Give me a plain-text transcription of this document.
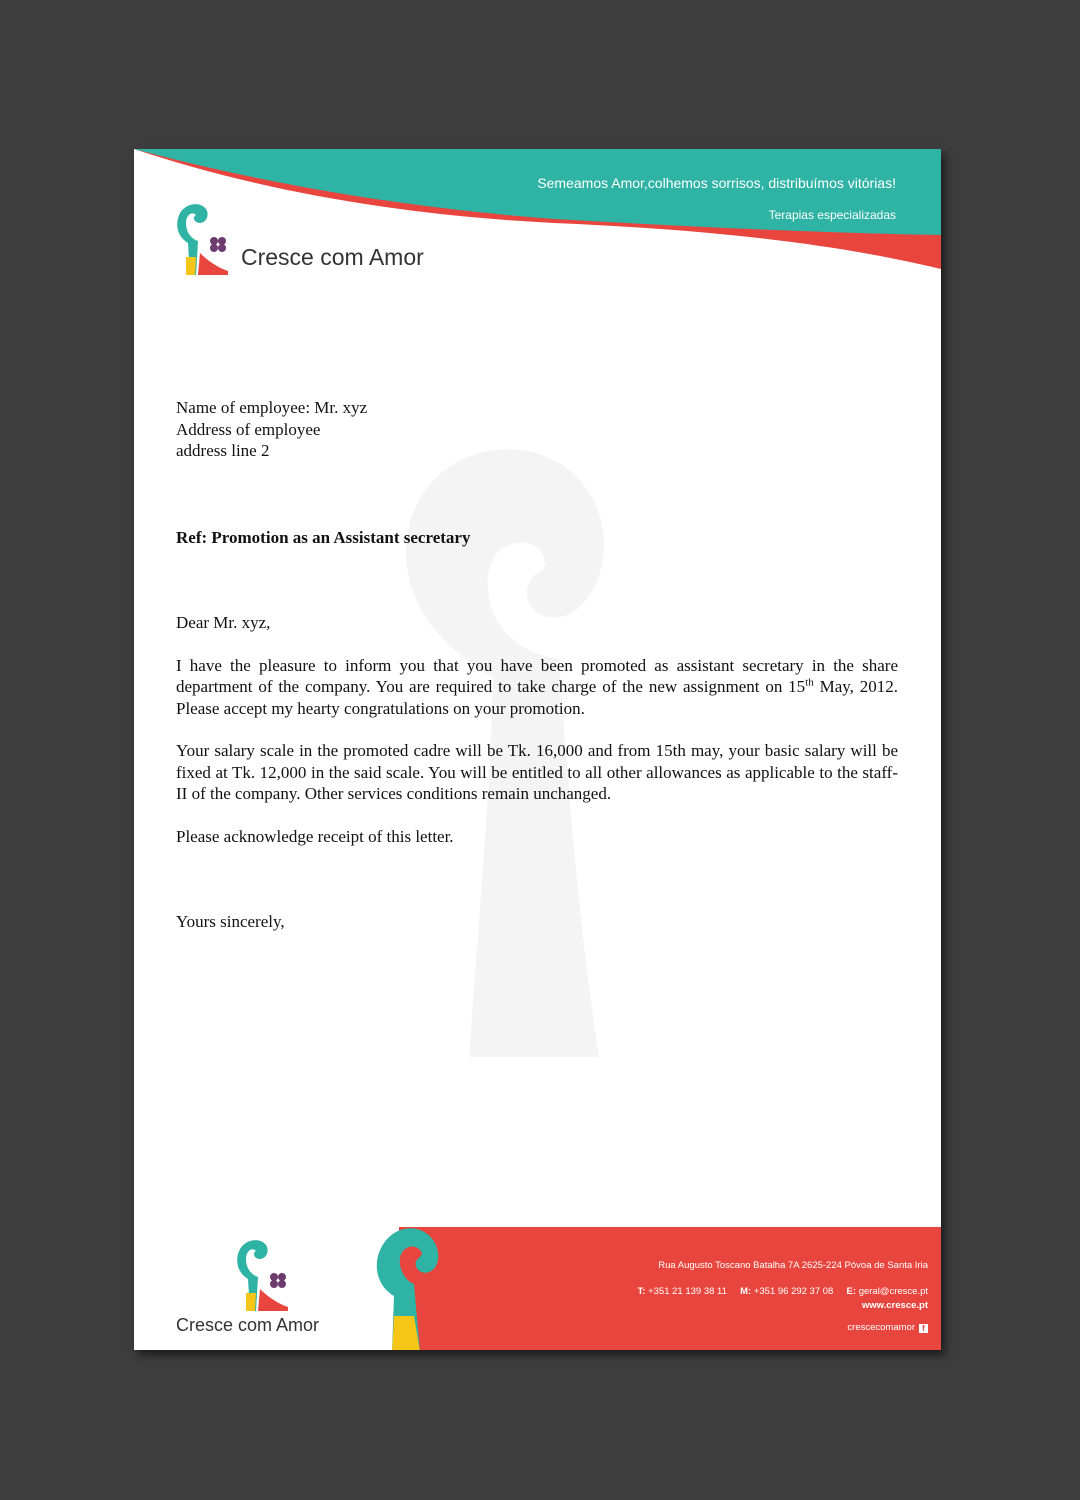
Semeamos Amor,colhemos sorrisos, distribuímos vitórias!
Terapias especializadas
Cresce com Amor

Name of employee: Mr. xyz

Address of employee

address line 2

Ref: Promotion as an Assistant secretary

Dear Mr. xyz,

I have the pleasure to inform you that you have been promoted as assistant secretary in the share department of the company. You are required to take charge of the new assignment on 15th May, 2012. Please accept my hearty congratulations on your promotion.

Your salary scale in the promoted cadre will be Tk. 16,000 and from 15th may, your basic salary will be fixed at Tk. 12,000 in the said scale. You will be entitled to all other allowances as applicable to the staff-II of the company. Other services conditions remain unchanged.

Please acknowledge receipt of this letter.

Yours sincerely,

Cresce com Amor
Rua Augusto Toscano Batalha 7A 2625-224 Póvoa de Santa Iria
T: +351 21 139 38 11 M: +351 96 292 37 08 E: geral@cresce.pt
www.cresce.pt
crescecomamor f
